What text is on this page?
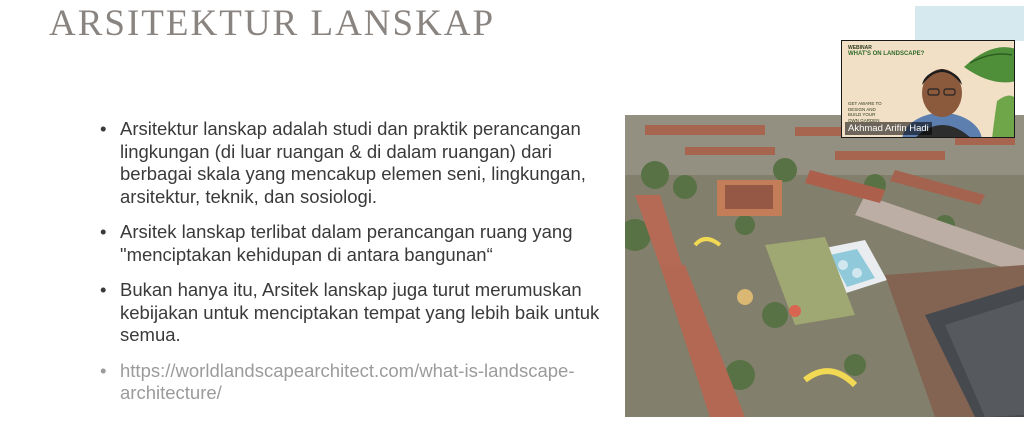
ARSITEKTUR LANSKAP
• Arsitektur lanskap adalah studi dan praktik perancangan lingkungan (di luar ruangan & di dalam ruangan) dari berbagai skala yang mencakup elemen seni, lingkungan, arsitektur, teknik, dan sosiologi.
• Arsitek lanskap terlibat dalam perancangan ruang yang "menciptakan kehidupan di antara bangunan“
• Bukan hanya itu, Arsitek lanskap juga turut merumuskan kebijakan untuk menciptakan tempat yang lebih baik untuk semua.
• https://worldlandscapearchitect.com/what-is-landscape-architecture/
WEBINAR
WHAT'S ON LANDSCAPE?
GET AWARE TO DESIGN AND BUILD YOUR OWN GARDEN
Akhmad Arifin Hadi
